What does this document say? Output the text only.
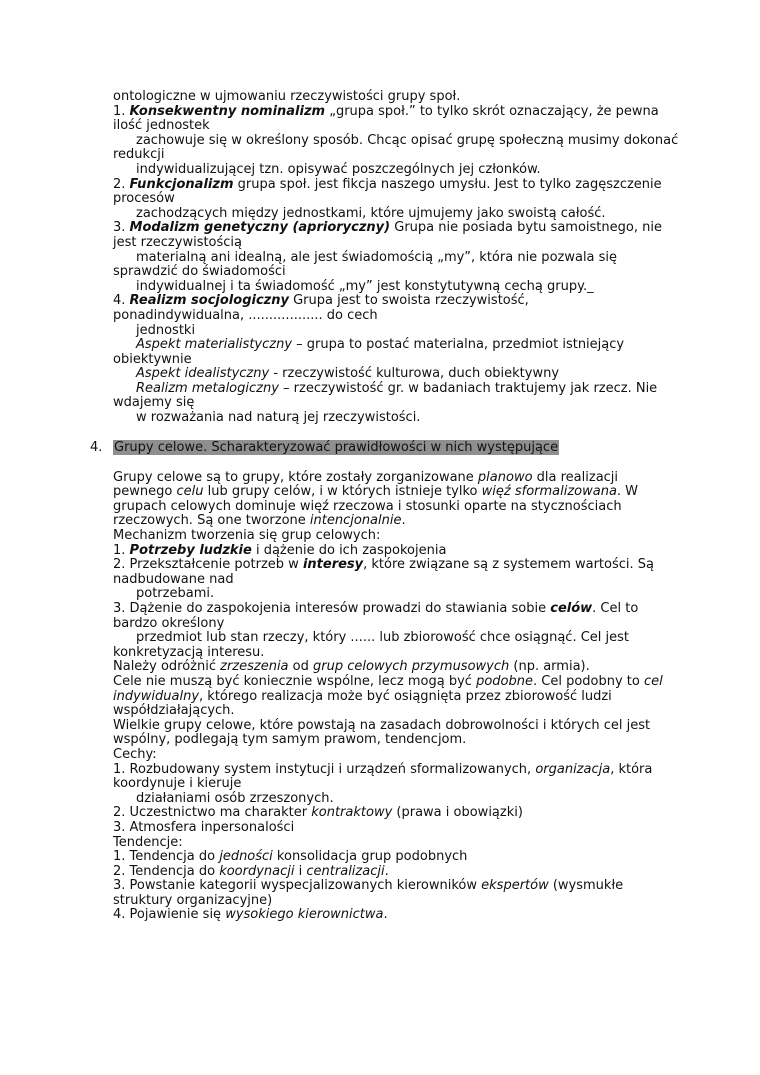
ontologiczne w ujmowaniu rzeczywistości grupy społ.
1. Konsekwentny nominalizm „grupa społ.” to tylko skrót oznaczający, że pewna
ilość jednostek
zachowuje się w określony sposób. Chcąc opisać grupę społeczną musimy dokonać
redukcji
indywidualizującej tzn. opisywać poszczególnych jej członków.
2. Funkcjonalizm grupa społ. jest fikcja naszego umysłu. Jest to tylko zagęszczenie
procesów
zachodzących między jednostkami, które ujmujemy jako swoistą całość.
3. Modalizm genetyczny (aprioryczny) Grupa nie posiada bytu samoistnego, nie
jest rzeczywistością
materialną ani idealną, ale jest świadomością „my”, która nie pozwala się
sprawdzić do świadomości
indywidualnej i ta świadomość „my” jest konstytutywną cechą grupy._
4. Realizm socjologiczny Grupa jest to swoista rzeczywistość,
ponadindywidualna, .................. do cech
jednostki
Aspekt materialistyczny – grupa to postać materialna, przedmiot istniejący
obiektywnie
Aspekt idealistyczny - rzeczywistość kulturowa, duch obiektywny
Realizm metalogiczny – rzeczywistość gr. w badaniach traktujemy jak rzecz. Nie
wdajemy się
w rozważania nad naturą jej rzeczywistości.
4. Grupy celowe. Scharakteryzować prawidłowości w nich występujące
Grupy celowe są to grupy, które zostały zorganizowane planowo dla realizacji
pewnego celu lub grupy celów, i w których istnieje tylko więź sformalizowana. W
grupach celowych dominuje więź rzeczowa i stosunki oparte na stycznościach
rzeczowych. Są one tworzone intencjonalnie.
Mechanizm tworzenia się grup celowych:
1. Potrzeby ludzkie i dążenie do ich zaspokojenia
2. Przekształcenie potrzeb w interesy, które związane są z systemem wartości. Są
nadbudowane nad
potrzebami.
3. Dążenie do zaspokojenia interesów prowadzi do stawiania sobie celów. Cel to
bardzo określony
przedmiot lub stan rzeczy, który ...... lub zbiorowość chce osiągnąć. Cel jest
konkretyzacją interesu.
Należy odróżnić zrzeszenia od grup celowych przymusowych (np. armia).
Cele nie muszą być koniecznie wspólne, lecz mogą być podobne. Cel podobny to cel
indywidualny, którego realizacja może być osiągnięta przez zbiorowość ludzi
współdziałających.
Wielkie grupy celowe, które powstają na zasadach dobrowolności i których cel jest
wspólny, podlegają tym samym prawom, tendencjom.
Cechy:
1. Rozbudowany system instytucji i urządzeń sformalizowanych, organizacja, która
koordynuje i kieruje
działaniami osób zrzeszonych.
2. Uczestnictwo ma charakter kontraktowy (prawa i obowiązki)
3. Atmosfera inpersonalości
Tendencje:
1. Tendencja do jedności konsolidacja grup podobnych
2. Tendencja do koordynacji i centralizacji.
3. Powstanie kategorii wyspecjalizowanych kierowników ekspertów (wysmukłe
struktury organizacyjne)
4. Pojawienie się wysokiego kierownictwa.
